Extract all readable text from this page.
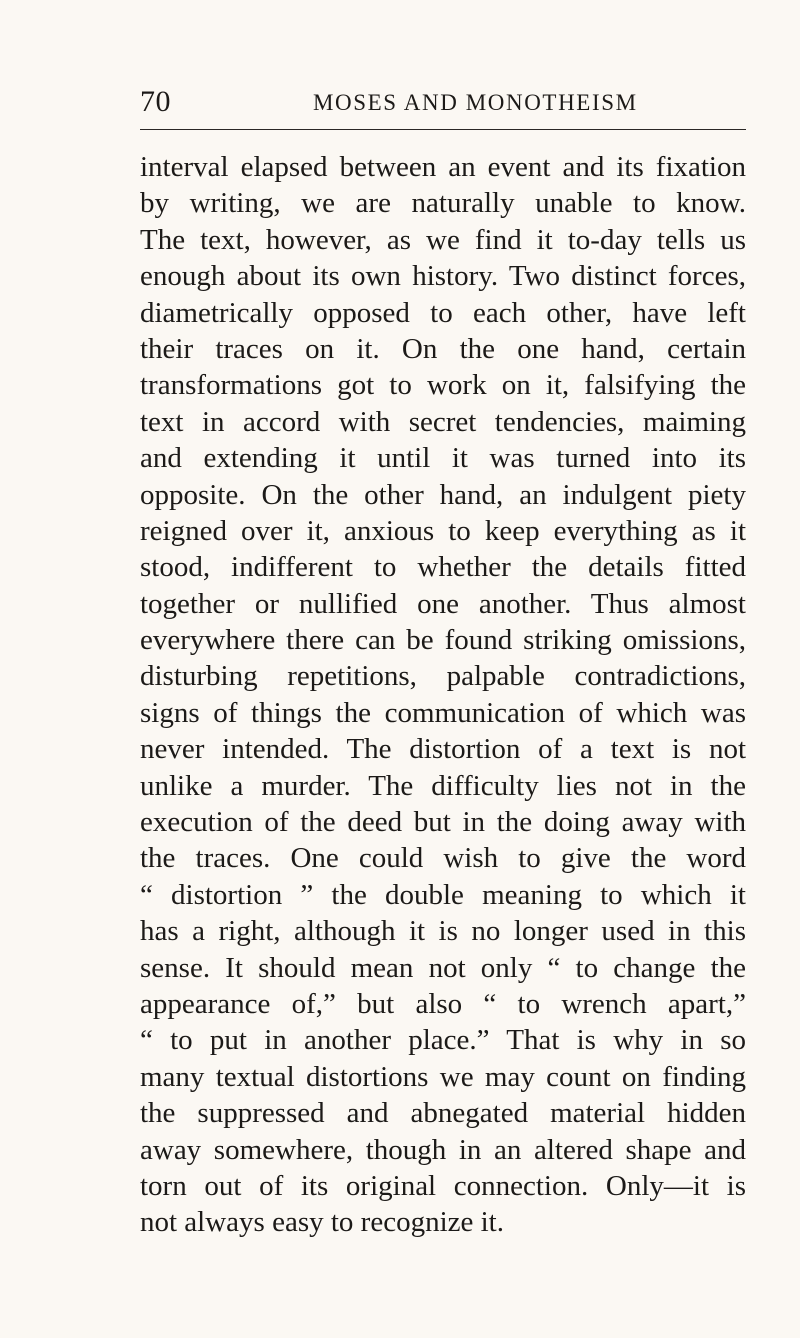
70	MOSES AND MONOTHEISM
interval elapsed between an event and its fixation
by writing, we are naturally unable to know.
The text, however, as we find it to-day tells us
enough about its own history. Two distinct forces,
diametrically opposed to each other, have left
their traces on it. On the one hand, certain
transformations got to work on it, falsifying the
text in accord with secret tendencies, maiming
and extending it until it was turned into its
opposite. On the other hand, an indulgent piety
reigned over it, anxious to keep everything as it
stood, indifferent to whether the details fitted
together or nullified one another. Thus almost
everywhere there can be found striking omissions,
disturbing repetitions, palpable contradictions,
signs of things the communication of which was
never intended. The distortion of a text is not
unlike a murder. The difficulty lies not in the
execution of the deed but in the doing away with
the traces. One could wish to give the word
“ distortion ” the double meaning to which it
has a right, although it is no longer used in this
sense. It should mean not only “ to change the
appearance of,” but also “ to wrench apart,”
“ to put in another place.” That is why in so
many textual distortions we may count on finding
the suppressed and abnegated material hidden
away somewhere, though in an altered shape and
torn out of its original connection. Only—it is
not always easy to recognize it.
